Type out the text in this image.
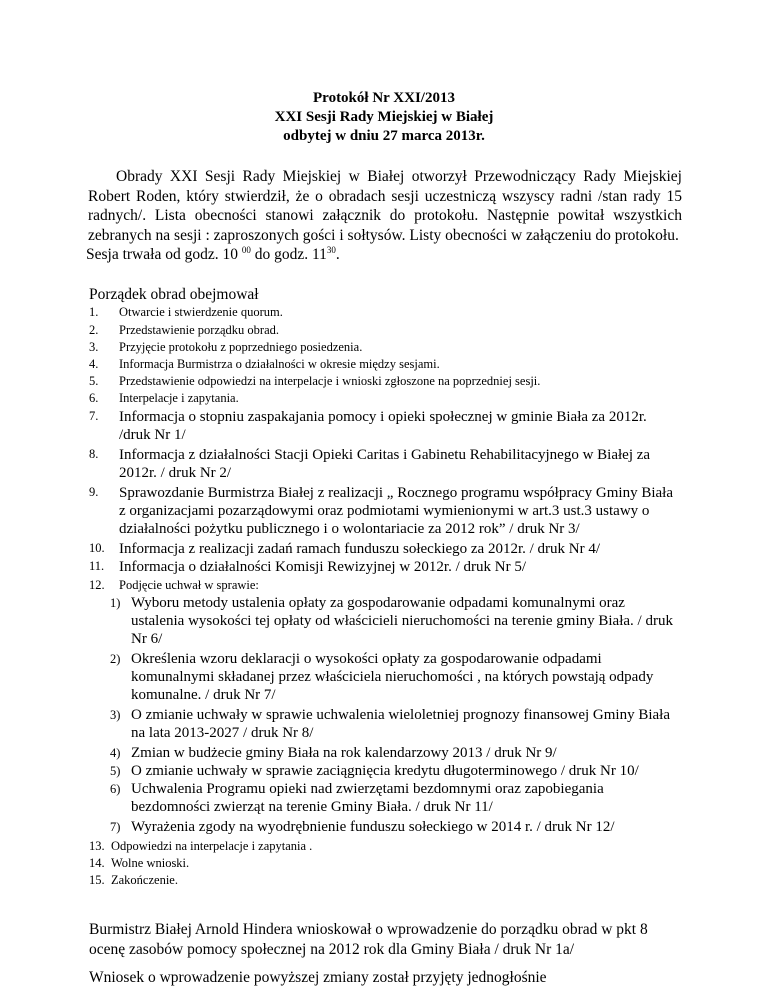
Protokół Nr XXI/2013
XXI Sesji Rady Miejskiej w Białej
odbytej w dniu 27 marca 2013r.

Obrady XXI Sesji Rady Miejskiej w Białej otworzył Przewodniczący Rady Miejskiej Robert Roden, który stwierdził, że o obradach sesji uczestniczą wszyscy radni /stan rady 15 radnych/. Lista obecności stanowi załącznik do protokołu. Następnie powitał wszystkich zebranych na sesji : zaproszonych gości i sołtysów. Listy obecności w załączeniu do protokołu.

Sesja trwała od godz. 10 $^{00}$ do godz. $11^{30}$.

Porządek obrad obejmował
1.	Otwarcie i stwierdzenie quorum.
2.	Przedstawienie porządku obrad.
3.	Przyjęcie protokołu z poprzedniego posiedzenia.
4.	Informacja Burmistrza o działalności w okresie między sesjami.
5.	Przedstawienie odpowiedzi na interpelacje i wnioski zgłoszone na poprzedniej sesji.
6.	Interpelacje i zapytania.
7.	Informacja o stopniu zaspakajania pomocy i opieki społecznej w gminie Biała za 2012r. /druk Nr 1/
8.	Informacja z działalności Stacji Opieki Caritas i Gabinetu Rehabilitacyjnego w Białej za 2012r. / druk Nr 2/
9.	Sprawozdanie Burmistrza Białej z realizacji „ Rocznego programu współpracy Gminy Biała z organizacjami pozarządowymi oraz podmiotami wymienionymi w art.3 ust.3 ustawy o działalności pożytku publicznego i o wolontariacie za 2012 rok” / druk Nr 3/
10. Informacja z realizacji zadań ramach funduszu sołeckiego za 2012r. / druk Nr 4/
11. Informacja o działalności Komisji Rewizyjnej w 2012r. / druk Nr 5/
12.	Podjęcie uchwał w sprawie:
1) Wyboru metody ustalenia opłaty za gospodarowanie odpadami komunalnymi oraz ustalenia wysokości tej opłaty od właścicieli nieruchomości na terenie gminy Biała. / druk Nr 6/
2) Określenia wzoru deklaracji o wysokości opłaty za gospodarowanie odpadami komunalnymi składanej przez właściciela nieruchomości , na których powstają odpady komunalne. / druk Nr 7/
3) O zmianie uchwały w sprawie uchwalenia wieloletniej prognozy finansowej Gminy Biała na lata 2013-2027 / druk Nr 8/
4) Zmian w budżecie gminy Biała na rok kalendarzowy 2013 / druk Nr 9/
5) O zmianie uchwały w sprawie zaciągnięcia kredytu długoterminowego / druk Nr 10/
6) Uchwalenia Programu opieki nad zwierzętami bezdomnymi oraz zapobiegania bezdomności zwierząt na terenie Gminy Biała. / druk Nr 11/
7) Wyrażenia zgody na wyodrębnienie funduszu sołeckiego w 2014 r. / druk Nr 12/
13. Odpowiedzi na interpelacje i zapytania .
14. Wolne wnioski.
15. Zakończenie.
Burmistrz Białej Arnold Hindera wnioskował o wprowadzenie do porządku obrad w pkt 8 ocenę zasobów pomocy społecznej na 2012 rok dla Gminy Biała / druk Nr 1a/
Wniosek o wprowadzenie powyższej zmiany został przyjęty jednogłośnie
